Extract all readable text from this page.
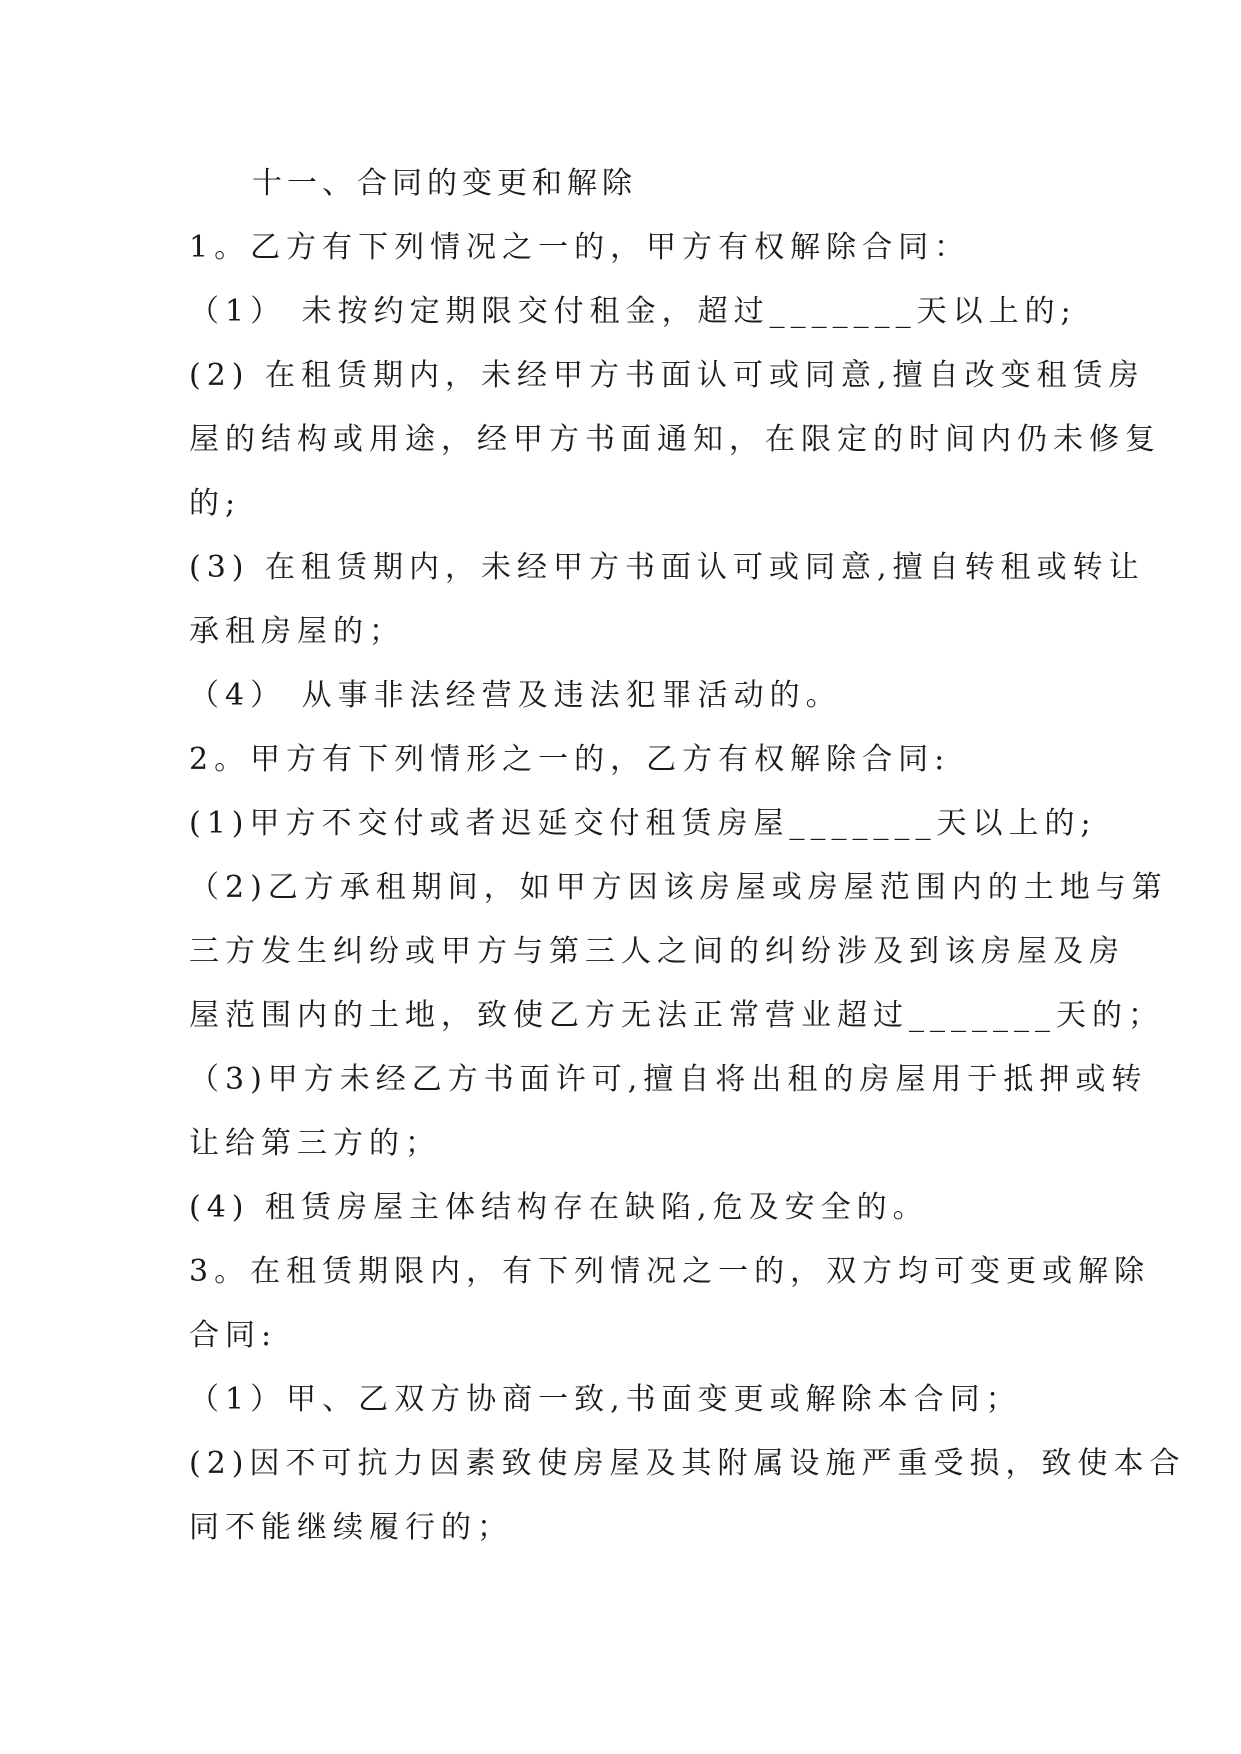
十一、合同的变更和解除
1。乙方有下列情况之一的，甲方有权解除合同：
（1） 未按约定期限交付租金，超过_______天以上的;
(2) 在租赁期内，未经甲方书面认可或同意,擅自改变租赁房
屋的结构或用途，经甲方书面通知，在限定的时间内仍未修复
的;
(3) 在租赁期内，未经甲方书面认可或同意,擅自转租或转让
承租房屋的；
（4） 从事非法经营及违法犯罪活动的。
2。甲方有下列情形之一的，乙方有权解除合同:
(1)甲方不交付或者迟延交付租赁房屋_______天以上的;
（2)乙方承租期间，如甲方因该房屋或房屋范围内的土地与第
三方发生纠纷或甲方与第三人之间的纠纷涉及到该房屋及房
屋范围内的土地，致使乙方无法正常营业超过_______天的；
（3)甲方未经乙方书面许可,擅自将出租的房屋用于抵押或转
让给第三方的；
(4) 租赁房屋主体结构存在缺陷,危及安全的。
3。在租赁期限内，有下列情况之一的，双方均可变更或解除
合同:
（1）甲、乙双方协商一致,书面变更或解除本合同；
(2)因不可抗力因素致使房屋及其附属设施严重受损，致使本合
同不能继续履行的；
